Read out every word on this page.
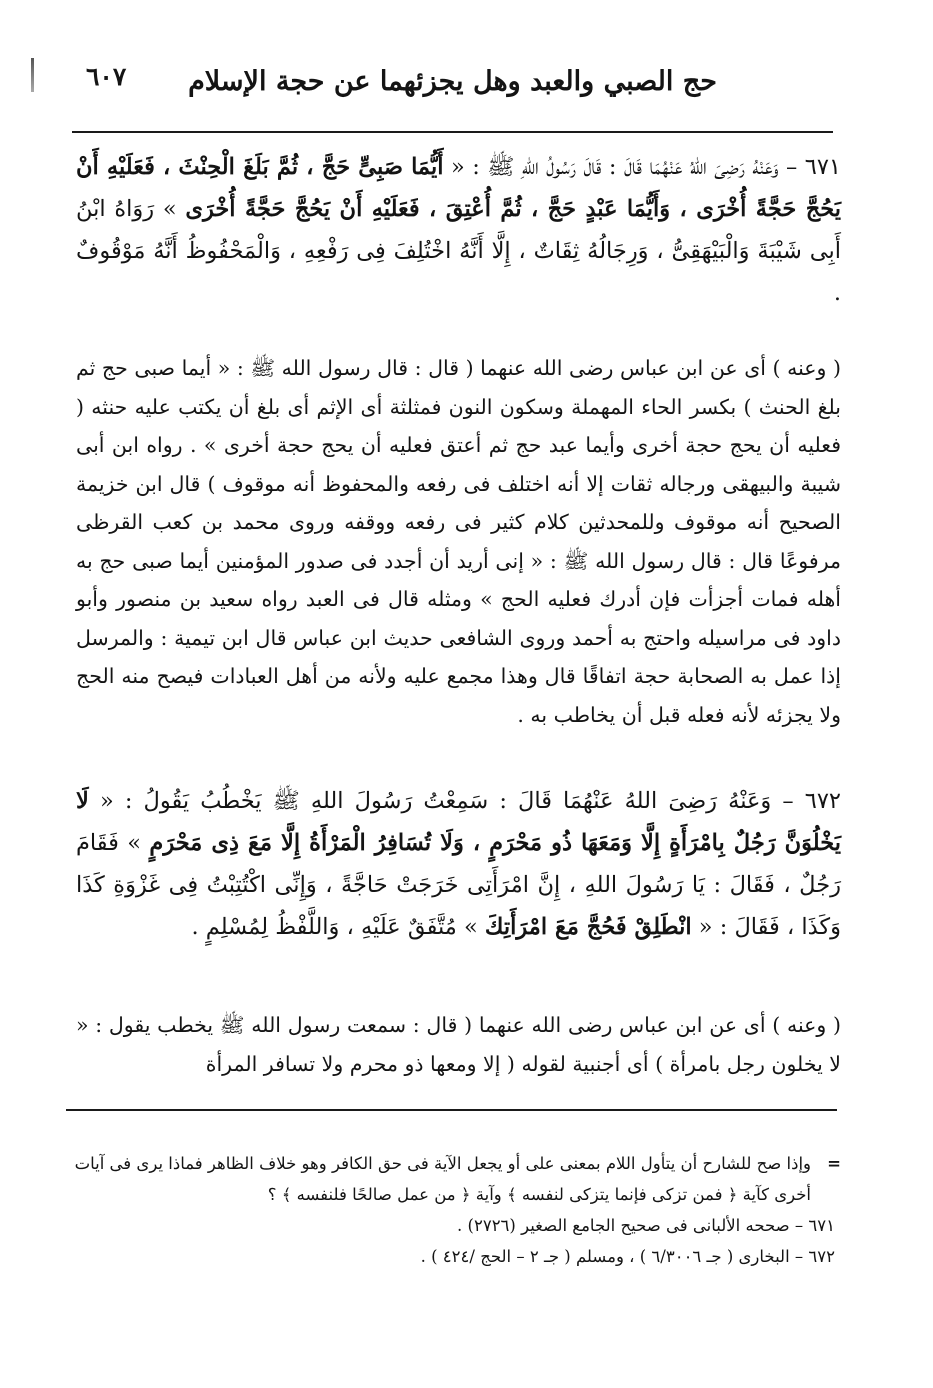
٦٠٧ حج الصبي والعبد وهل يجزئهما عن حجة الإسلام
٦٧١ – وَعَنْهُ رَضِىَ اللهُ عَنْهُمَا قَالَ : قَالَ رَسُولُ اللهِ ﷺ : « أَيُّمَا صَبِىٍّ حَجَّ ، ثُمَّ بَلَغَ الْحِنْثَ ، فَعَلَيْهِ أَنْ يَحُجَّ حَجَّةً أُخْرَى ، وَأَيُّمَا عَبْدٍ حَجَّ ، ثُمَّ أُعْتِقَ ، فَعَلَيْهِ أَنْ يَحُجَّ حَجَّةً أُخْرَى » رَوَاهُ ابْنُ أَبِى شَيْبَةَ وَالْبَيْهَقِىُّ ، وَرِجَالُهُ ثِقَاتٌ ، إِلَّا أَنَّهُ اخْتُلِفَ فِى رَفْعِهِ ، وَالْمَحْفُوظُ أَنَّهُ مَوْقُوفٌ .
( وعنه ) أى عن ابن عباس رضى الله عنهما ( قال : قال رسول الله ﷺ : « أيما صبى حج ثم بلغ الحنث ) بكسر الحاء المهملة وسكون النون فمثلثة أى الإثم أى بلغ أن يكتب عليه حنثه ( فعليه أن يحج حجة أخرى وأيما عبد حج ثم أعتق فعليه أن يحج حجة أخرى » . رواه ابن أبى شيبة والبيهقى ورجاله ثقات إلا أنه اختلف فى رفعه والمحفوظ أنه موقوف ) قال ابن خزيمة الصحيح أنه موقوف وللمحدثين كلام كثير فى رفعه ووقفه وروى محمد بن كعب القرظى مرفوعًا قال : قال رسول الله ﷺ : « إنى أريد أن أجدد فى صدور المؤمنين أيما صبى حج به أهله فمات أجزأت فإن أدرك فعليه الحج » ومثله قال فى العبد رواه سعيد بن منصور وأبو داود فى مراسيله واحتج به أحمد وروى الشافعى حديث ابن عباس قال ابن تيمية : والمرسل إذا عمل به الصحابة حجة اتفاقًا قال وهذا مجمع عليه ولأنه من أهل العبادات فيصح منه الحج ولا يجزئه لأنه فعله قبل أن يخاطب به .
٦٧٢ – وَعَنْهُ رَضِىَ اللهُ عَنْهُمَا قَالَ : سَمِعْتُ رَسُولَ اللهِ ﷺ يَخْطُبُ يَقُولُ : « لَا يَخْلُوَنَّ رَجُلٌ بِامْرَأَةٍ إِلَّا وَمَعَهَا ذُو مَحْرَمٍ ، وَلَا تُسَافِرُ الْمَرْأَةُ إِلَّا مَعَ ذِى مَحْرَمٍ » فَقَامَ رَجُلٌ ، فَقَالَ : يَا رَسُولَ اللهِ ، إِنَّ امْرَأَتِى خَرَجَتْ حَاجَّةً ، وَإِنِّى اكْتُتِبْتُ فِى غَزْوَةِ كَذَا وَكَذَا ، فَقَالَ : « انْطَلِقْ فَحُجَّ مَعَ امْرَأَتِكَ » مُتَّفَقٌ عَلَيْهِ ، وَاللَّفْظُ لِمُسْلِمٍ .
( وعنه ) أى عن ابن عباس رضى الله عنهما ( قال : سمعت رسول الله ﷺ يخطب يقول : « لا يخلون رجل بامرأة ) أى أجنبية لقوله ( إلا ومعها ذو محرم ولا تسافر المرأة
=
وإذا صح للشارح أن يتأول اللام بمعنى على أو يجعل الآية فى حق الكافر وهو خلاف الظاهر فماذا يرى فى آيات أخرى كآية ﴿ فمن تزكى فإنما يتزكى لنفسه ﴾ وآية ﴿ من عمل صالحًا فلنفسه ﴾ ؟
٦٧١ – صححه الألبانى فى صحيح الجامع الصغير (٢٧٢٦) .
٦٧٢ – البخارى ( جـ ٦/٣٠٠٦ ) ، ومسلم ( جـ ٢ – الحج /٤٢٤ ) .
